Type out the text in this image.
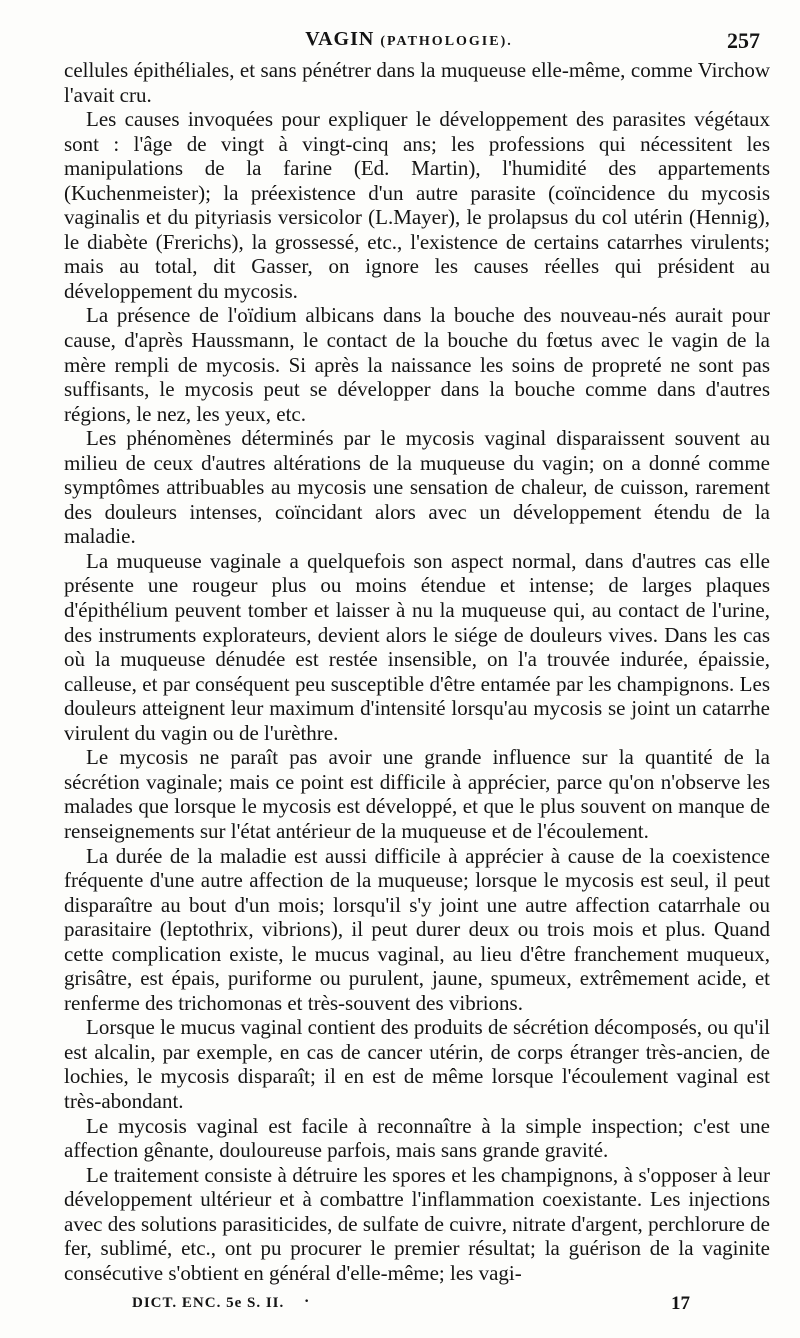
VAGIN (PATHOLOGIE).	257

cellules épithéliales, et sans pénétrer dans la muqueuse elle-même, comme Virchow l'avait cru.

Les causes invoquées pour expliquer le développement des parasites végétaux sont : l'âge de vingt à vingt-cinq ans; les professions qui nécessitent les manipulations de la farine (Ed. Martin), l'humidité des appartements (Kuchenmeister); la préexistence d'un autre parasite (coïncidence du mycosis vaginalis et du pityriasis versicolor (L.Mayer), le prolapsus du col utérin (Hennig), le diabète (Frerichs), la grossessé, etc., l'existence de certains catarrhes virulents; mais au total, dit Gasser, on ignore les causes réelles qui président au développement du mycosis.

La présence de l'oïdium albicans dans la bouche des nouveau-nés aurait pour cause, d'après Haussmann, le contact de la bouche du fœtus avec le vagin de la mère rempli de mycosis. Si après la naissance les soins de propreté ne sont pas suffisants, le mycosis peut se développer dans la bouche comme dans d'autres régions, le nez, les yeux, etc.

Les phénomènes déterminés par le mycosis vaginal disparaissent souvent au milieu de ceux d'autres altérations de la muqueuse du vagin; on a donné comme symptômes attribuables au mycosis une sensation de chaleur, de cuisson, rarement des douleurs intenses, coïncidant alors avec un développement étendu de la maladie.

La muqueuse vaginale a quelquefois son aspect normal, dans d'autres cas elle présente une rougeur plus ou moins étendue et intense; de larges plaques d'épithélium peuvent tomber et laisser à nu la muqueuse qui, au contact de l'urine, des instruments explorateurs, devient alors le siége de douleurs vives. Dans les cas où la muqueuse dénudée est restée insensible, on l'a trouvée indurée, épaissie, calleuse, et par conséquent peu susceptible d'être entamée par les champignons. Les douleurs atteignent leur maximum d'intensité lorsqu'au mycosis se joint un catarrhe virulent du vagin ou de l'urèthre.

Le mycosis ne paraît pas avoir une grande influence sur la quantité de la sécrétion vaginale; mais ce point est difficile à apprécier, parce qu'on n'observe les malades que lorsque le mycosis est développé, et que le plus souvent on manque de renseignements sur l'état antérieur de la muqueuse et de l'écoulement.

La durée de la maladie est aussi difficile à apprécier à cause de la coexistence fréquente d'une autre affection de la muqueuse; lorsque le mycosis est seul, il peut disparaître au bout d'un mois; lorsqu'il s'y joint une autre affection catarrhale ou parasitaire (leptothrix, vibrions), il peut durer deux ou trois mois et plus. Quand cette complication existe, le mucus vaginal, au lieu d'être franchement muqueux, grisâtre, est épais, puriforme ou purulent, jaune, spumeux, extrêmement acide, et renferme des trichomonas et très-souvent des vibrions.

Lorsque le mucus vaginal contient des produits de sécrétion décomposés, ou qu'il est alcalin, par exemple, en cas de cancer utérin, de corps étranger très-ancien, de lochies, le mycosis disparaît; il en est de même lorsque l'écoulement vaginal est très-abondant.

Le mycosis vaginal est facile à reconnaître à la simple inspection; c'est une affection gênante, douloureuse parfois, mais sans grande gravité.

Le traitement consiste à détruire les spores et les champignons, à s'opposer à leur développement ultérieur et à combattre l'inflammation coexistante. Les injections avec des solutions parasiticides, de sulfate de cuivre, nitrate d'argent, perchlorure de fer, sublimé, etc., ont pu procurer le premier résultat; la guérison de la vaginite consécutive s'obtient en général d'elle-même; les vagi-

DICT. ENC. 5e S. II. ·	17
